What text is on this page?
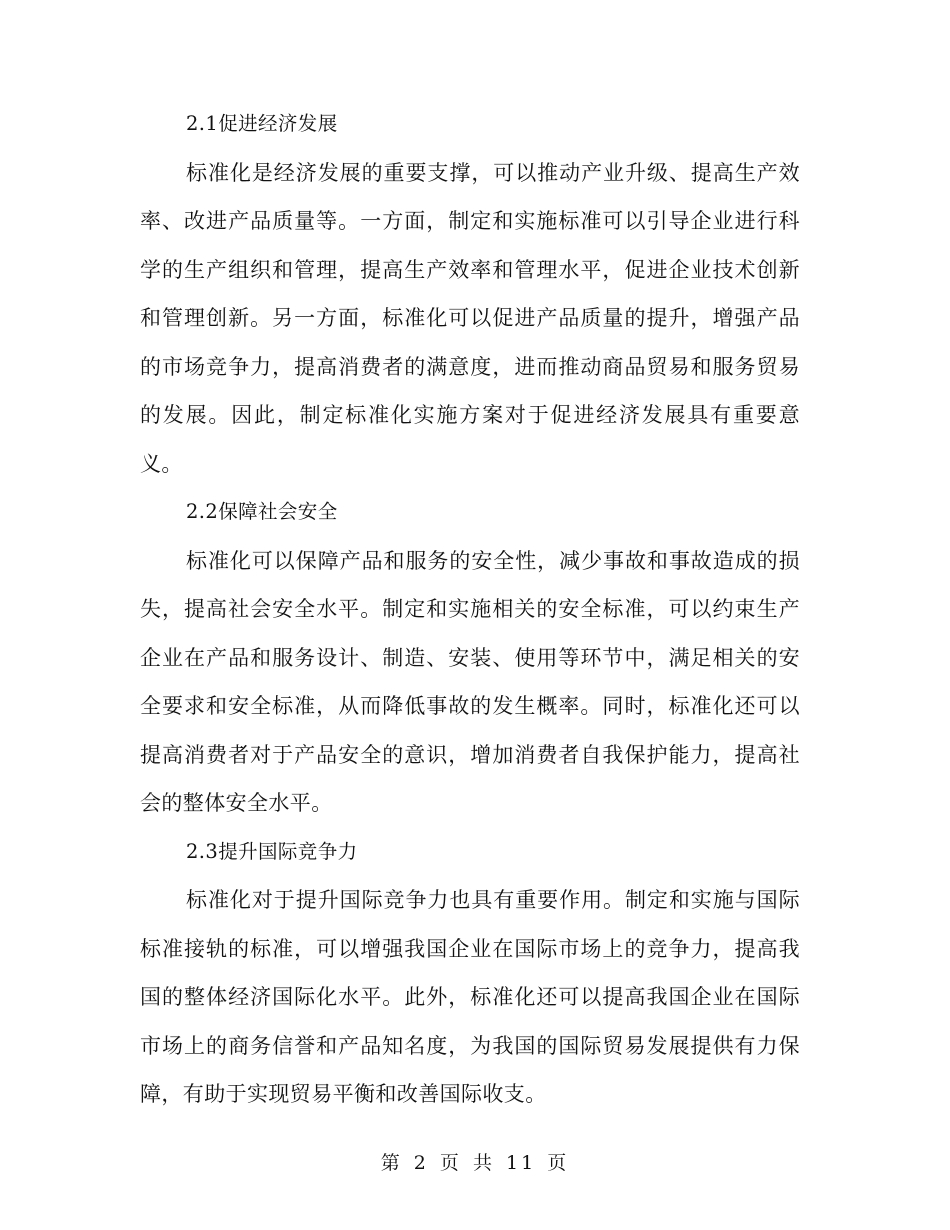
2.1促进经济发展

标准化是经济发展的重要支撑，可以推动产业升级、提高生产效率、改进产品质量等。一方面，制定和实施标准可以引导企业进行科学的生产组织和管理，提高生产效率和管理水平，促进企业技术创新和管理创新。另一方面，标准化可以促进产品质量的提升，增强产品的市场竞争力，提高消费者的满意度，进而推动商品贸易和服务贸易的发展。因此，制定标准化实施方案对于促进经济发展具有重要意义。

2.2保障社会安全

标准化可以保障产品和服务的安全性，减少事故和事故造成的损失，提高社会安全水平。制定和实施相关的安全标准，可以约束生产企业在产品和服务设计、制造、安装、使用等环节中，满足相关的安全要求和安全标准，从而降低事故的发生概率。同时，标准化还可以提高消费者对于产品安全的意识，增加消费者自我保护能力，提高社会的整体安全水平。

2.3提升国际竞争力

标准化对于提升国际竞争力也具有重要作用。制定和实施与国际标准接轨的标准，可以增强我国企业在国际市场上的竞争力，提高我国的整体经济国际化水平。此外，标准化还可以提高我国企业在国际市场上的商务信誉和产品知名度，为我国的国际贸易发展提供有力保障，有助于实现贸易平衡和改善国际收支。

第 2 页 共 11 页
